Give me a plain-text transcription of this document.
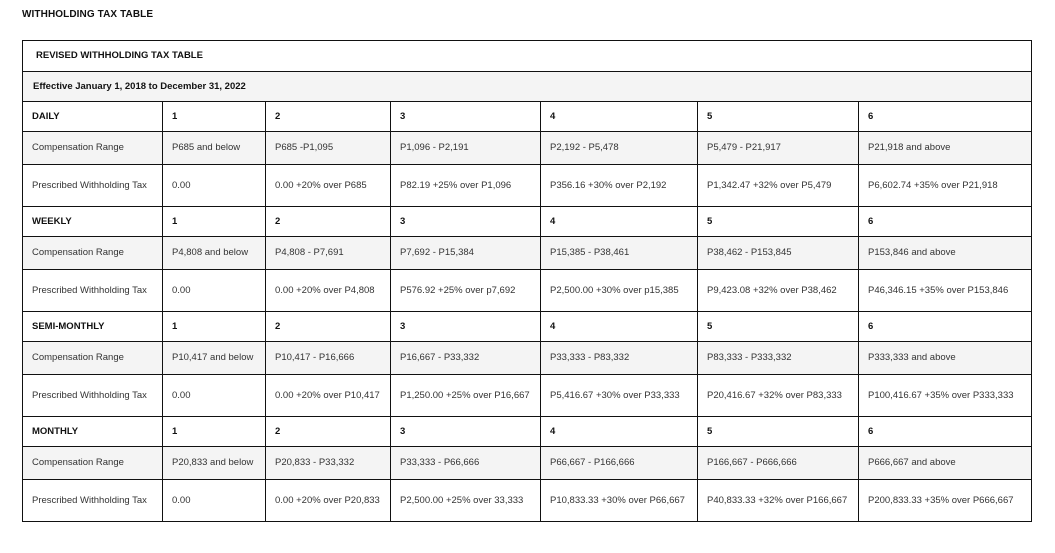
WITHHOLDING TAX TABLE
REVISED WITHHOLDING TAX TABLE						
Effective January 1, 2018 to December 31, 2022						
DAILY	1	2	3	4	5	6
Compensation Range	P685 and below	P685 -P1,095	P1,096 - P2,191	P2,192 - P5,478	P5,479 - P21,917	P21,918 and above
Prescribed Withholding Tax	0.00	0.00 +20% over P685	P82.19 +25% over P1,096	P356.16 +30% over P2,192	P1,342.47 +32% over P5,479	P6,602.74 +35% over P21,918
WEEKLY	1	2	3	4	5	6
Compensation Range	P4,808 and below	P4,808 - P7,691	P7,692 - P15,384	P15,385 - P38,461	P38,462 - P153,845	P153,846 and above
Prescribed Withholding Tax	0.00	0.00 +20% over P4,808	P576.92 +25% over p7,692	P2,500.00 +30% over p15,385	P9,423.08 +32% over P38,462	P46,346.15 +35% over P153,846
SEMI-MONTHLY	1	2	3	4	5	6
Compensation Range	P10,417 and below	P10,417 - P16,666	P16,667 - P33,332	P33,333 - P83,332	P83,333 - P333,332	P333,333 and above
Prescribed Withholding Tax	0.00	0.00 +20% over P10,417	P1,250.00 +25% over P16,667	P5,416.67 +30% over P33,333	P20,416.67 +32% over P83,333	P100,416.67 +35% over P333,333
MONTHLY	1	2	3	4	5	6
Compensation Range	P20,833 and below	P20,833 - P33,332	P33,333 - P66,666	P66,667 - P166,666	P166,667 - P666,666	P666,667 and above
Prescribed Withholding Tax	0.00	0.00 +20% over P20,833	P2,500.00 +25% over 33,333	P10,833.33 +30% over P66,667	P40,833.33 +32% over P166,667	P200,833.33 +35% over P666,667
